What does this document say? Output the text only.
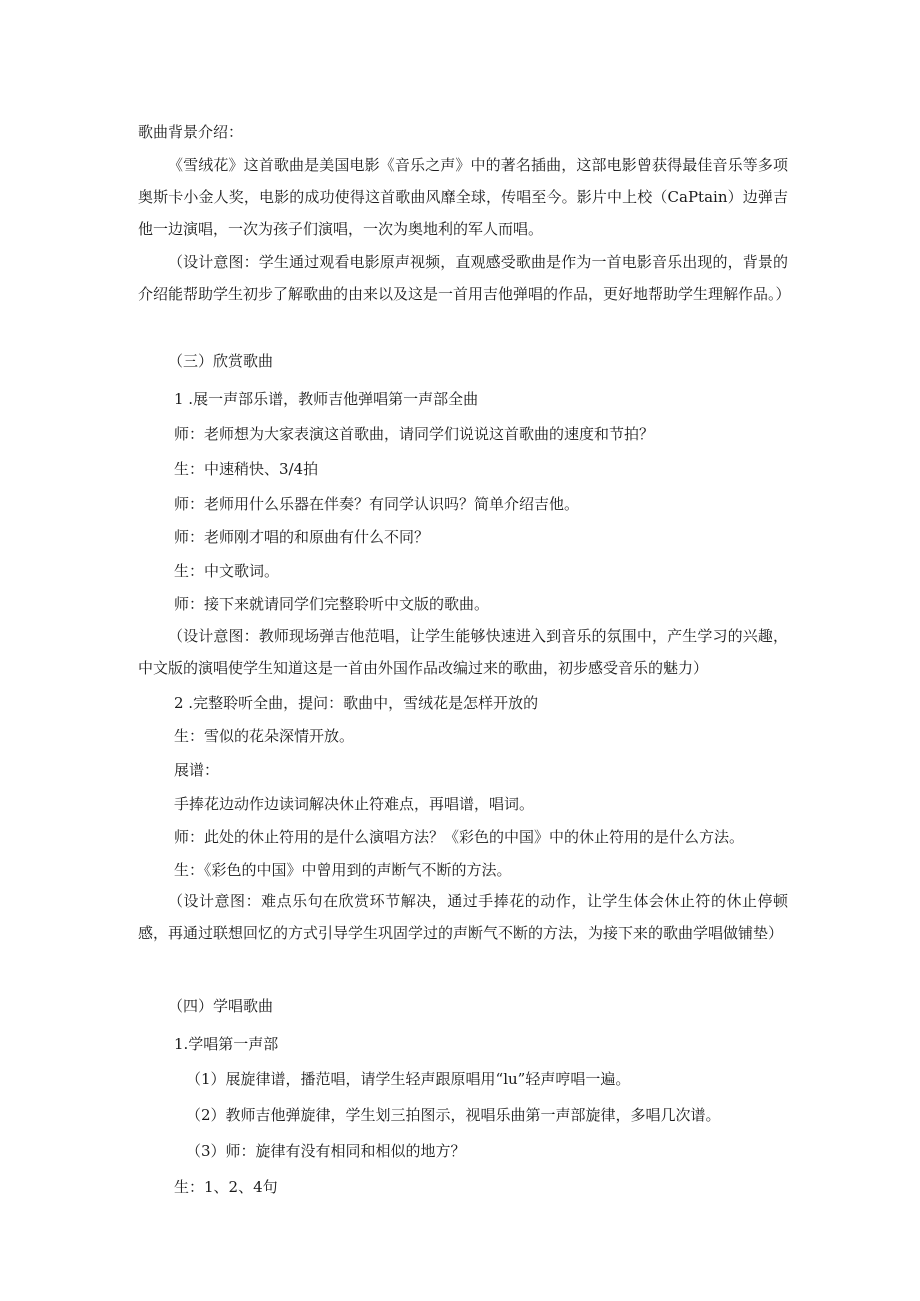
歌曲背景介绍：

《雪绒花》这首歌曲是美国电影《音乐之声》中的著名插曲，这部电影曾获得最佳音乐等多项奥斯卡小金人奖，电影的成功使得这首歌曲风靡全球，传唱至今。影片中上校（CaPtain）边弹吉他一边演唱，一次为孩子们演唱，一次为奥地利的军人而唱。

（设计意图：学生通过观看电影原声视频，直观感受歌曲是作为一首电影音乐出现的，背景的介绍能帮助学生初步了解歌曲的由来以及这是一首用吉他弹唱的作品，更好地帮助学生理解作品。）

（三）欣赏歌曲

1 .展一声部乐谱，教师吉他弹唱第一声部全曲

师：老师想为大家表演这首歌曲，请同学们说说这首歌曲的速度和节拍？

生：中速稍快、3/4拍

师：老师用什么乐器在伴奏？有同学认识吗？简单介绍吉他。

师：老师刚才唱的和原曲有什么不同？

生：中文歌词。

师：接下来就请同学们完整聆听中文版的歌曲。

（设计意图：教师现场弹吉他范唱，让学生能够快速进入到音乐的氛围中，产生学习的兴趣，中文版的演唱使学生知道这是一首由外国作品改编过来的歌曲，初步感受音乐的魅力）

2 .完整聆听全曲，提问：歌曲中，雪绒花是怎样开放的

生：雪似的花朵深情开放。

展谱：

手捧花边动作边读词解决休止符难点，再唱谱，唱词。

师：此处的休止符用的是什么演唱方法？《彩色的中国》中的休止符用的是什么方法。

生：《彩色的中国》中曾用到的声断气不断的方法。

（设计意图：难点乐句在欣赏环节解决，通过手捧花的动作，让学生体会休止符的休止停顿感，再通过联想回忆的方式引导学生巩固学过的声断气不断的方法，为接下来的歌曲学唱做铺垫）

（四）学唱歌曲

1.学唱第一声部

（1）展旋律谱，播范唱，请学生轻声跟原唱用“lu”轻声哼唱一遍。

（2）教师吉他弹旋律，学生划三拍图示，视唱乐曲第一声部旋律，多唱几次谱。

（3）师：旋律有没有相同和相似的地方？

生：1、2、4句
